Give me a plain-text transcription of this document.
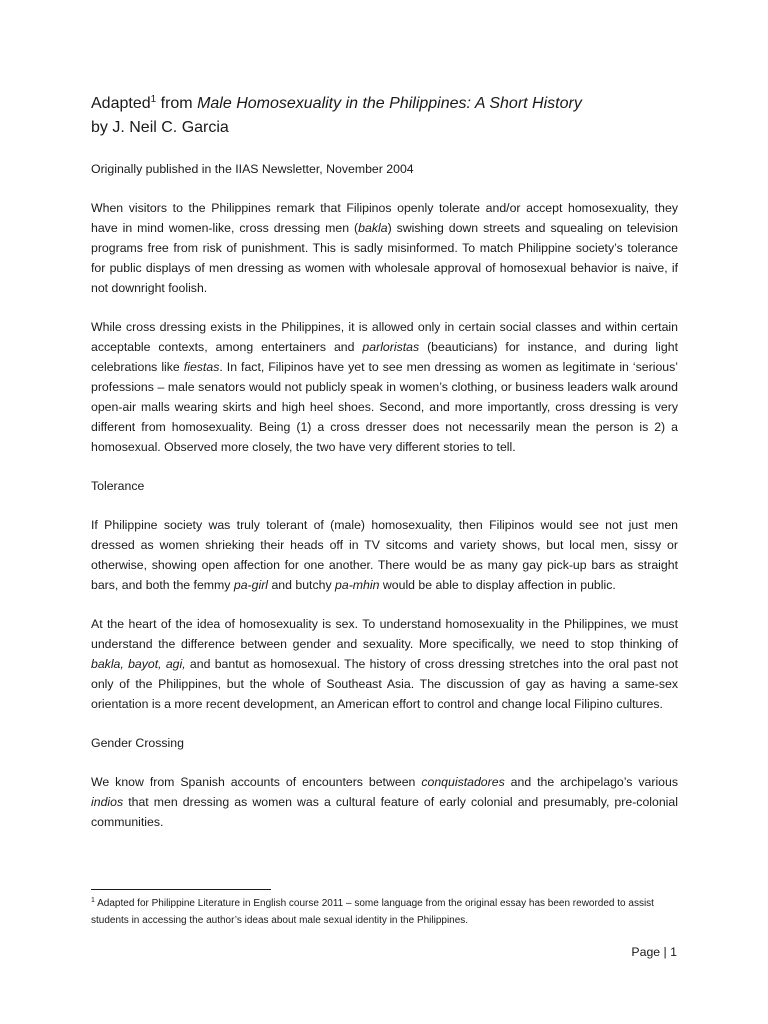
Adapted$^1$ from Male Homosexuality in the Philippines: A Short History

by J. Neil C. Garcia

Originally published in the IIAS Newsletter, November 2004

When visitors to the Philippines remark that Filipinos openly tolerate and/or accept homosexuality, they have in mind women-like, cross dressing men (bakla) swishing down streets and squealing on television programs free from risk of punishment. This is sadly misinformed. To match Philippine society’s tolerance for public displays of men dressing as women with wholesale approval of homosexual behavior is naive, if not downright foolish.

While cross dressing exists in the Philippines, it is allowed only in certain social classes and within certain acceptable contexts, among entertainers and parloristas (beauticians) for instance, and during light celebrations like fiestas. In fact, Filipinos have yet to see men dressing as women as legitimate in ‘serious’ professions – male senators would not publicly speak in women’s clothing, or business leaders walk around open-air malls wearing skirts and high heel shoes. Second, and more importantly, cross dressing is very different from homosexuality. Being (1) a cross dresser does not necessarily mean the person is 2) a homosexual. Observed more closely, the two have very different stories to tell.

Tolerance

If Philippine society was truly tolerant of (male) homosexuality, then Filipinos would see not just men dressed as women shrieking their heads off in TV sitcoms and variety shows, but local men, sissy or otherwise, showing open affection for one another. There would be as many gay pick-up bars as straight bars, and both the femmy pa-girl and butchy pa-mhin would be able to display affection in public.

At the heart of the idea of homosexuality is sex. To understand homosexuality in the Philippines, we must understand the difference between gender and sexuality. More specifically, we need to stop thinking of bakla, bayot, agi, and bantut as homosexual. The history of cross dressing stretches into the oral past not only of the Philippines, but the whole of Southeast Asia. The discussion of gay as having a same-sex orientation is a more recent development, an American effort to control and change local Filipino cultures.

Gender Crossing

We know from Spanish accounts of encounters between conquistadores and the archipelago’s various indios that men dressing as women was a cultural feature of early colonial and presumably, pre-colonial communities.

$^1$ Adapted for Philippine Literature in English course 2011 – some language from the original essay has been reworded to assist students in accessing the author’s ideas about male sexual identity in the Philippines.
Page | 1
